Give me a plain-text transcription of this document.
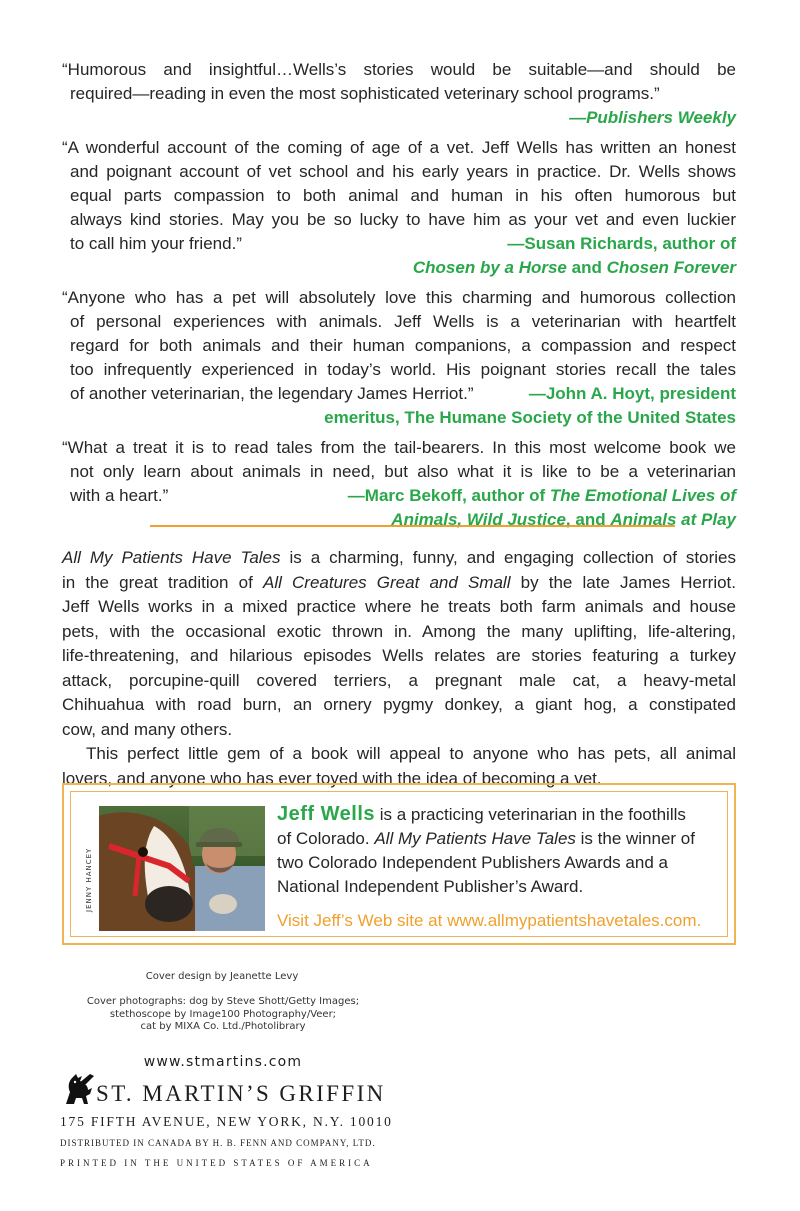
“Humorous and insightful…Wells’s stories would be suitable—and should be
required—reading in even the most sophisticated veterinary school programs.”
—Publishers Weekly
“A wonderful account of the coming of age of a vet. Jeff Wells has written an honest
and poignant account of vet school and his early years in practice. Dr. Wells shows
equal parts compassion to both animal and human in his often humorous but
always kind stories. May you be so lucky to have him as your vet and even luckier
to call him your friend.”	—Susan Richards, author of
Chosen by a Horse and Chosen Forever
“Anyone who has a pet will absolutely love this charming and humorous collection
of personal experiences with animals. Jeff Wells is a veterinarian with heartfelt
regard for both animals and their human companions, a compassion and respect
too infrequently experienced in today’s world. His poignant stories recall the tales
of another veterinarian, the legendary James Herriot.”	—John A. Hoyt, president
emeritus, The Humane Society of the United States
“What a treat it is to read tales from the tail-bearers. In this most welcome book we
not only learn about animals in need, but also what it is like to be a veterinarian
with a heart.”	—Marc Bekoff, author of The Emotional Lives of
Animals, Wild Justice, and Animals at Play
All My Patients Have Tales is a charming, funny, and engaging collection of stories
in the great tradition of All Creatures Great and Small by the late James Herriot.
Jeff Wells works in a mixed practice where he treats both farm animals and house
pets, with the occasional exotic thrown in. Among the many uplifting, life-altering,
life-threatening, and hilarious episodes Wells relates are stories featuring a turkey
attack, porcupine-quill covered terriers, a pregnant male cat, a heavy-metal
Chihuahua with road burn, an ornery pygmy donkey, a giant hog, a constipated
cow, and many others.
This perfect little gem of a book will appeal to anyone who has pets, all animal
lovers, and anyone who has ever toyed with the idea of becoming a vet.
JENNY HANCEY
Jeff Wells is a practicing veterinarian in the foothills
of Colorado. All My Patients Have Tales is the winner of
two Colorado Independent Publishers Awards and a
National Independent Publisher’s Award.
Visit Jeff’s Web site at www.allmypatientshavetales.com.
Cover design by Jeanette Levy
Cover photographs: dog by Steve Shott/Getty Images;
stethoscope by Image100 Photography/Veer;
cat by MIXA Co. Ltd./Photolibrary
www.stmartins.com
ST. MARTIN’S GRIFFIN
175 FIFTH AVENUE, NEW YORK, N.Y. 10010
DISTRIBUTED IN CANADA BY H. B. FENN AND COMPANY, LTD.
PRINTED IN THE UNITED STATES OF AMERICA
